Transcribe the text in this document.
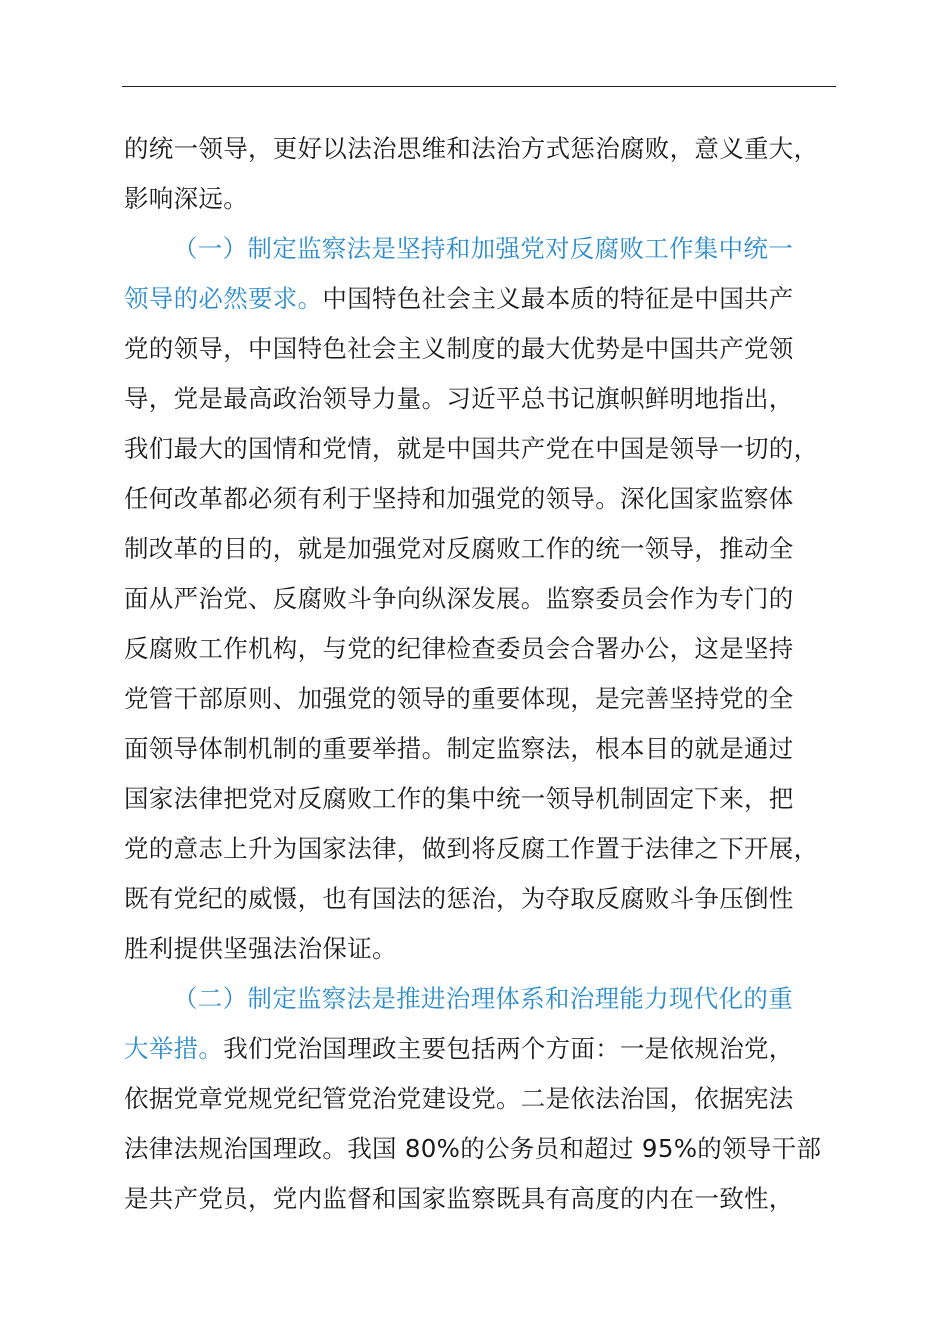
的统一领导，更好以法治思维和法治方式惩治腐败，意义重大，
影响深远。
（一）制定监察法是坚持和加强党对反腐败工作集中统一
领导的必然要求。中国特色社会主义最本质的特征是中国共产
党的领导，中国特色社会主义制度的最大优势是中国共产党领
导，党是最高政治领导力量。习近平总书记旗帜鲜明地指出，
我们最大的国情和党情，就是中国共产党在中国是领导一切的，
任何改革都必须有利于坚持和加强党的领导。深化国家监察体
制改革的目的，就是加强党对反腐败工作的统一领导，推动全
面从严治党、反腐败斗争向纵深发展。监察委员会作为专门的
反腐败工作机构，与党的纪律检查委员会合署办公，这是坚持
党管干部原则、加强党的领导的重要体现，是完善坚持党的全
面领导体制机制的重要举措。制定监察法，根本目的就是通过
国家法律把党对反腐败工作的集中统一领导机制固定下来，把
党的意志上升为国家法律，做到将反腐工作置于法律之下开展，
既有党纪的威慑，也有国法的惩治，为夺取反腐败斗争压倒性
胜利提供坚强法治保证。
（二）制定监察法是推进治理体系和治理能力现代化的重
大举措。我们党治国理政主要包括两个方面：一是依规治党，
依据党章党规党纪管党治党建设党。二是依法治国，依据宪法
法律法规治国理政。我国 80%的公务员和超过 95%的领导干部
是共产党员，党内监督和国家监察既具有高度的内在一致性，
